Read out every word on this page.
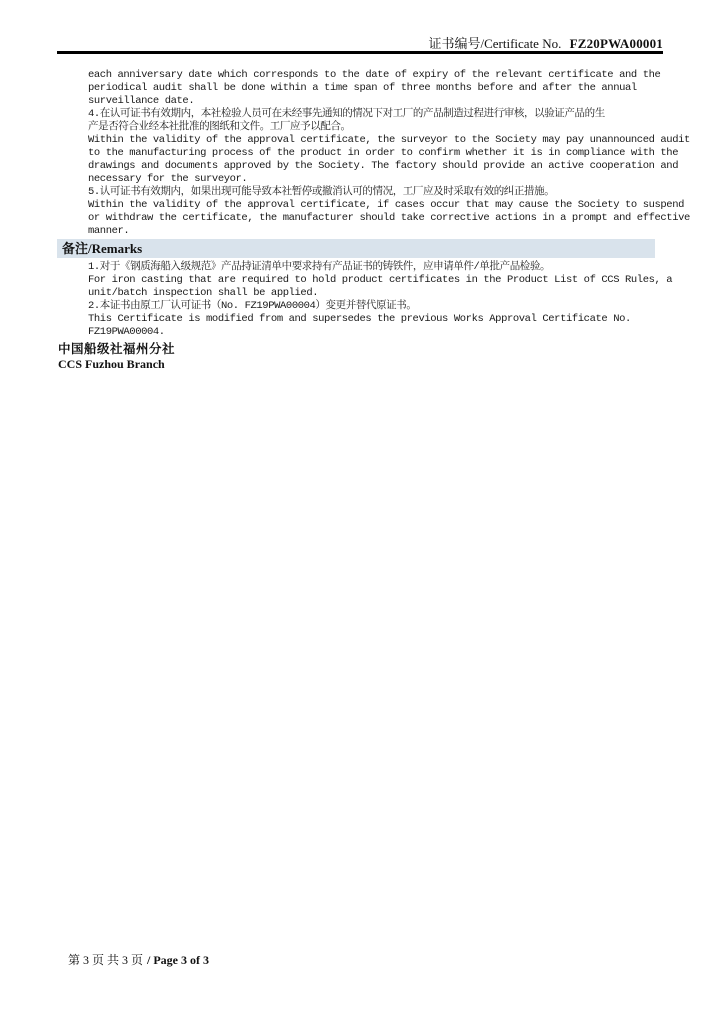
证书编号/Certificate No. FZ20PWA00001
each anniversary date which corresponds to the date of expiry of the relevant certificate and the
periodical audit shall be done within a time span of three months before and after the annual
surveillance date.
4.在认可证书有效期内，本社检验人员可在未经事先通知的情况下对工厂的产品制造过程进行审核，以验证产品的生
产是否符合业经本社批准的图纸和文件。工厂应予以配合。
Within the validity of the approval certificate, the surveyor to the Society may pay unannounced audit
to the manufacturing process of the product in order to confirm whether it is in compliance with the
drawings and documents approved by the Society. The factory should provide an active cooperation and
necessary for the surveyor.
5.认可证书有效期内，如果出现可能导致本社暂停或撤消认可的情况，工厂应及时采取有效的纠正措施。
Within the validity of the approval certificate, if cases occur that may cause the Society to suspend
or withdraw the certificate, the manufacturer should take corrective actions in a prompt and effective
manner.
备注/Remarks
1.对于《钢质海船入级规范》产品持证清单中要求持有产品证书的铸铁件，应申请单件/单批产品检验。
For iron casting that are required to hold product certificates in the Product List of CCS Rules, a
unit/batch inspection shall be applied.
2.本证书由原工厂认可证书（No. FZ19PWA00004）变更并替代原证书。
This Certificate is modified from and supersedes the previous Works Approval Certificate No.
FZ19PWA00004.
中国船级社福州分社
CCS Fuzhou Branch
第 3 页 共 3 页 / Page 3 of 3
